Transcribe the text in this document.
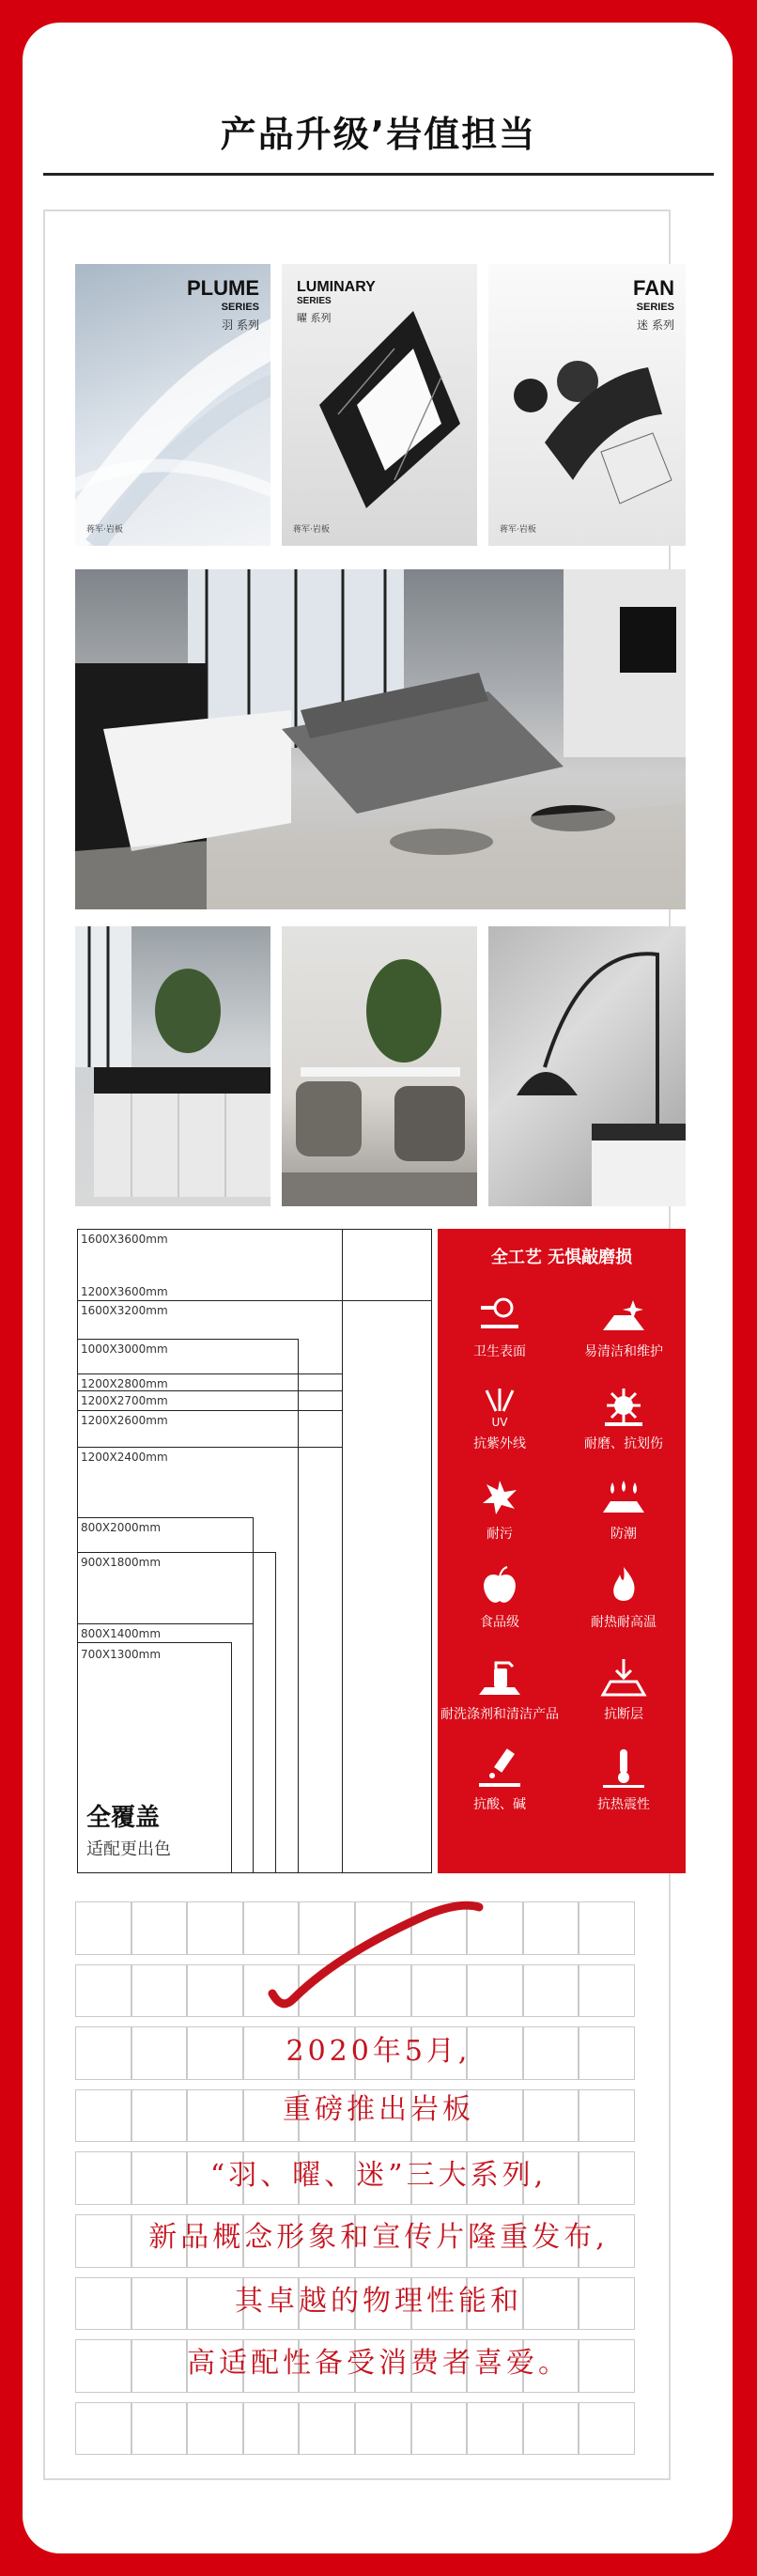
产品升级’岩值担当
PLUME
SERIES
羽 系列
蒋军·岩板
LUMINARY
SERIES
曜 系列
蒋军·岩板
FAN
SERIES
迷 系列
蒋军·岩板
1600X3600mm
1200X3600mm
1600X3200mm
1000X3000mm
1200X2800mm
1200X2700mm
1200X2600mm
1200X2400mm
800X2000mm
900X1800mm
800X1400mm
700X1300mm
全覆盖
适配更出色
全工艺 无惧敲磨损
卫生表面	易清洁和维护
UV
抗紫外线	耐磨、抗划伤
耐污	防潮
食品级	耐热耐高温
耐洗涤剂和清洁产品	抗断层
抗酸、碱	抗热震性
2020年5月,
重磅推出岩板
“羽、曜、迷”三大系列,
新品概念形象和宣传片隆重发布,
其卓越的物理性能和
高适配性备受消费者喜爱。
